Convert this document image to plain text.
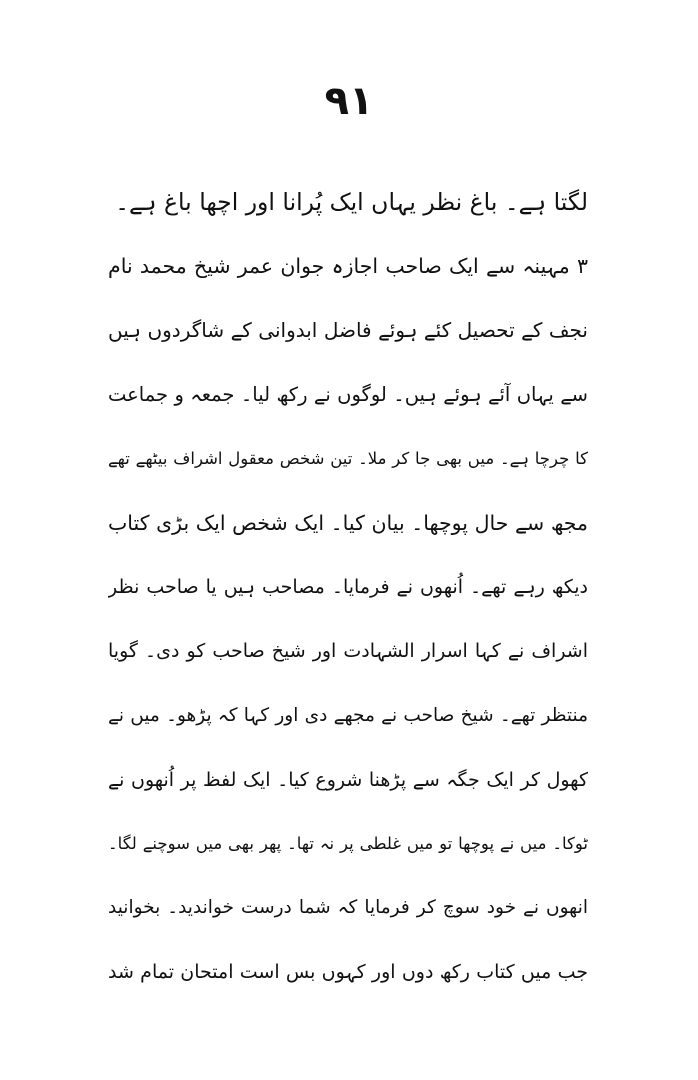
۹۱
لگتا ہے۔ باغ نظر یہاں ایک پُرانا اور اچھا باغ ہے۔
۳ مہینہ سے ایک صاحب اجازہ جوان عمر شیخ محمد نام
نجف کے تحصیل کئے ہوئے فاضل ابدوانی کے شاگردوں ہیں
سے یہاں آئے ہوئے ہیں۔ لوگوں نے رکھ لیا۔ جمعہ و جماعت
کا چرچا ہے۔ میں بھی جا کر ملا۔ تین شخص معقول اشراف بیٹھے تھے
مجھ سے حال پوچھا۔ بیان کیا۔ ایک شخص ایک بڑی کتاب
دیکھ رہے تھے۔ اُنھوں نے فرمایا۔ مصاحب ہیں یا صاحب نظر
اشراف نے کہا اسرار الشہادت اور شیخ صاحب کو دی۔ گویا
منتظر تھے۔ شیخ صاحب نے مجھے دی اور کہا کہ پڑھو۔ میں نے
کھول کر ایک جگہ سے پڑھنا شروع کیا۔ ایک لفظ پر اُنھوں نے
ٹوکا۔ میں نے پوچھا تو میں غلطی پر نہ تھا۔ پھر بھی میں سوچنے لگا۔
انھوں نے خود سوچ کر فرمایا کہ شما درست خواندید۔ بخوانید
جب میں کتاب رکھ دوں اور کہوں بس است امتحان تمام شد
